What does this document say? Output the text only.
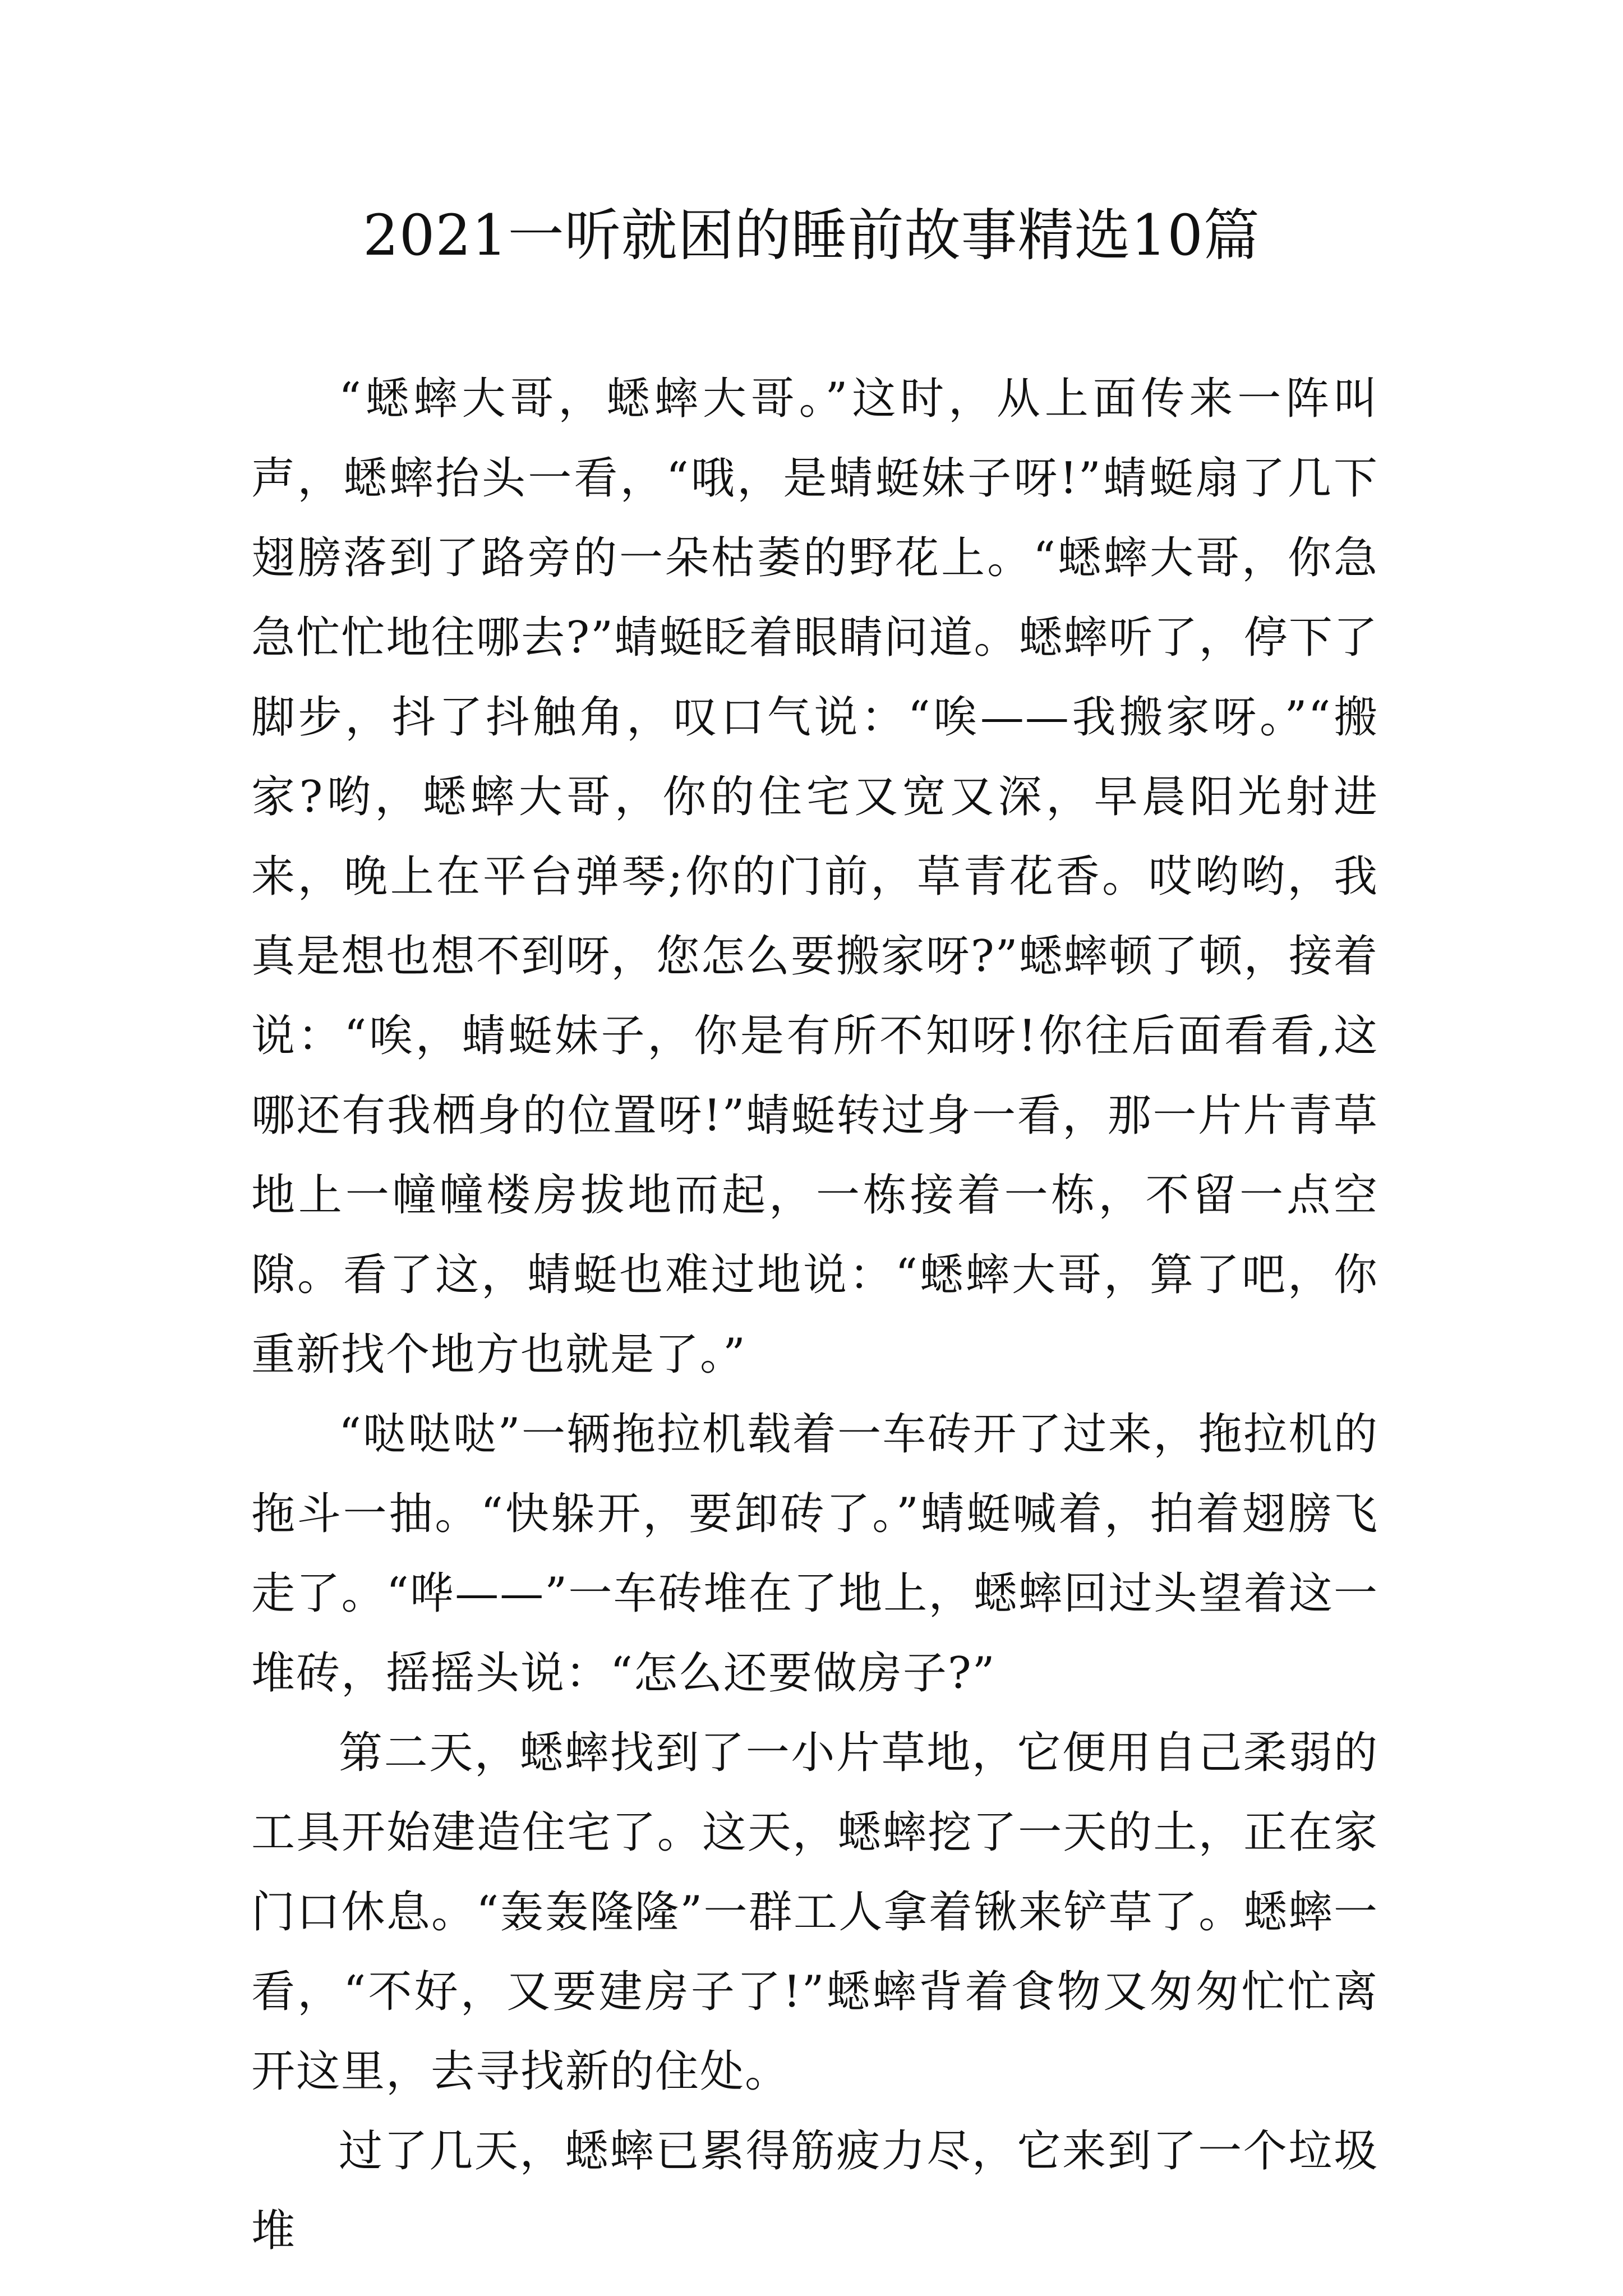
2021一听就困的睡前故事精选10篇

“蟋蟀大哥，蟋蟀大哥。”这时，从上面传来一阵叫声，蟋蟀抬头一看，“哦，是蜻蜓妹子呀!”蜻蜓扇了几下翅膀落到了路旁的一朵枯萎的野花上。“蟋蟀大哥，你急急忙忙地往哪去?”蜻蜓眨着眼睛问道。蟋蟀听了，停下了脚步，抖了抖触角，叹口气说：“唉——我搬家呀。”“搬家?哟，蟋蟀大哥，你的住宅又宽又深，早晨阳光射进来，晚上在平台弹琴;你的门前，草青花香。哎哟哟，我真是想也想不到呀，您怎么要搬家呀?”蟋蟀顿了顿，接着说：“唉，蜻蜓妹子，你是有所不知呀!你往后面看看,这哪还有我栖身的位置呀!”蜻蜓转过身一看，那一片片青草地上一幢幢楼房拔地而起，一栋接着一栋，不留一点空隙。看了这，蜻蜓也难过地说：“蟋蟀大哥，算了吧，你重新找个地方也就是了。”

“哒哒哒”一辆拖拉机载着一车砖开了过来，拖拉机的拖斗一抽。“快躲开，要卸砖了。”蜻蜓喊着，拍着翅膀飞走了。“哗——”一车砖堆在了地上，蟋蟀回过头望着这一堆砖，摇摇头说：“怎么还要做房子?”

第二天，蟋蟀找到了一小片草地，它便用自己柔弱的工具开始建造住宅了。这天，蟋蟀挖了一天的土，正在家门口休息。“轰轰隆隆”一群工人拿着锹来铲草了。蟋蟀一看，“不好，又要建房子了!”蟋蟀背着食物又匆匆忙忙离开这里，去寻找新的住处。

过了几天，蟋蟀已累得筋疲力尽，它来到了一个垃圾堆
